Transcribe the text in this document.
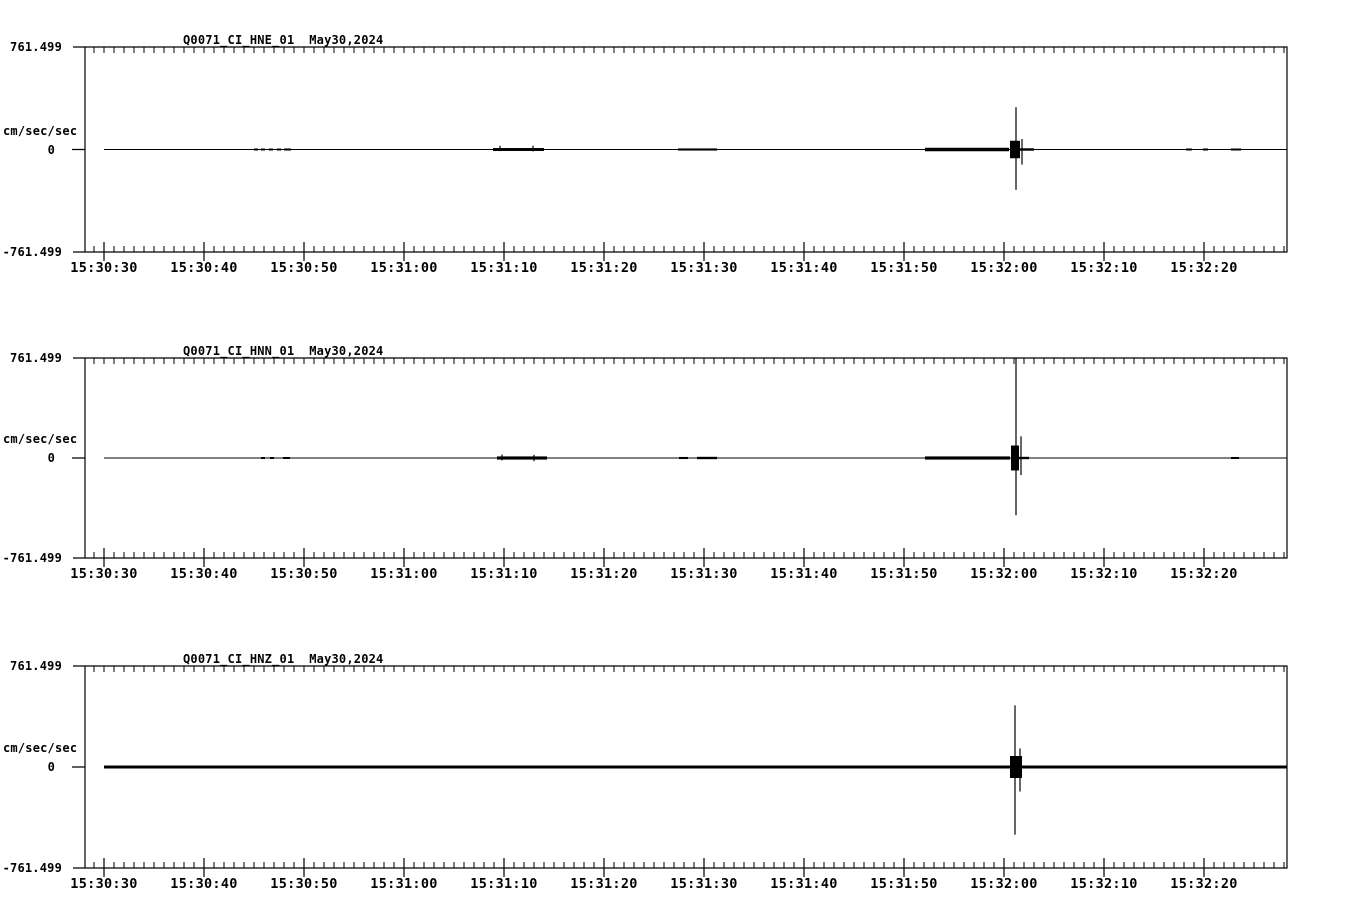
Q0071_CI_HNE_01  May30,2024
761.499
cm/sec/sec
0
-761.499
15:30:30	15:30:40	15:30:50	15:31:00	15:31:10	15:31:20	15:31:30	15:31:40	15:31:50	15:32:00	15:32:10	15:32:20
Q0071_CI_HNN_01  May30,2024
761.499
cm/sec/sec
0
-761.499
15:30:30	15:30:40	15:30:50	15:31:00	15:31:10	15:31:20	15:31:30	15:31:40	15:31:50	15:32:00	15:32:10	15:32:20
Q0071_CI_HNZ_01  May30,2024
761.499
cm/sec/sec
0
-761.499
15:30:30	15:30:40	15:30:50	15:31:00	15:31:10	15:31:20	15:31:30	15:31:40	15:31:50	15:32:00	15:32:10	15:32:20
